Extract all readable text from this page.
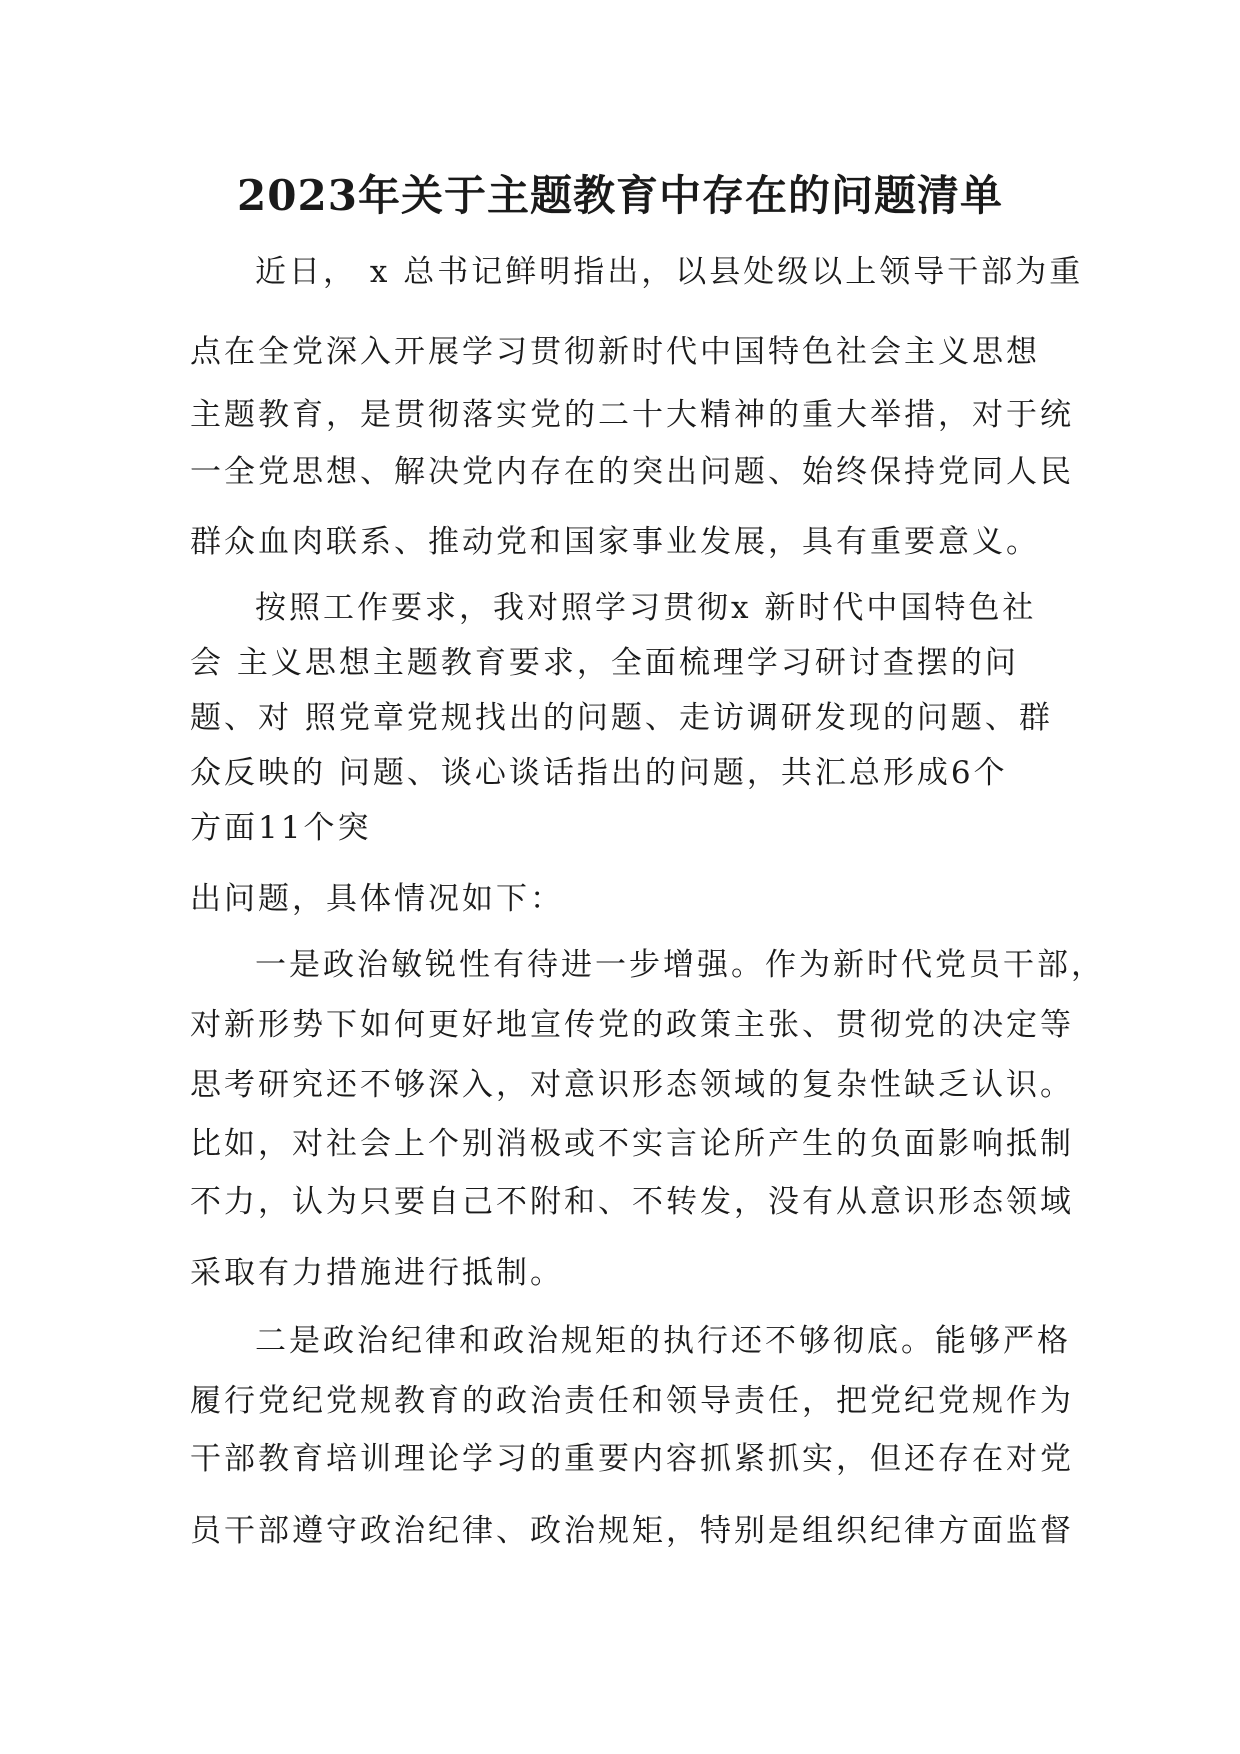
2023年关于主题教育中存在的问题清单
近日， x 总书记鲜明指出，以县处级以上领导干部为重
点在全党深入开展学习贯彻新时代中国特色社会主义思想
主题教育，是贯彻落实党的二十大精神的重大举措，对于统
一全党思想、解决党内存在的突出问题、始终保持党同人民
群众血肉联系、推动党和国家事业发展，具有重要意义。
按照工作要求，我对照学习贯彻x 新时代中国特色社
会 主义思想主题教育要求，全面梳理学习研讨查摆的问
题、对 照党章党规找出的问题、走访调研发现的问题、群
众反映的 问题、谈心谈话指出的问题，共汇总形成6个
方面11个突
出问题，具体情况如下：
一是政治敏锐性有待进一步增强。作为新时代党员干部，
对新形势下如何更好地宣传党的政策主张、贯彻党的决定等
思考研究还不够深入，对意识形态领域的复杂性缺乏认识。
比如，对社会上个别消极或不实言论所产生的负面影响抵制
不力，认为只要自己不附和、不转发，没有从意识形态领域
采取有力措施进行抵制。
二是政治纪律和政治规矩的执行还不够彻底。能够严格
履行党纪党规教育的政治责任和领导责任，把党纪党规作为
干部教育培训理论学习的重要内容抓紧抓实，但还存在对党
员干部遵守政治纪律、政治规矩，特别是组织纪律方面监督
